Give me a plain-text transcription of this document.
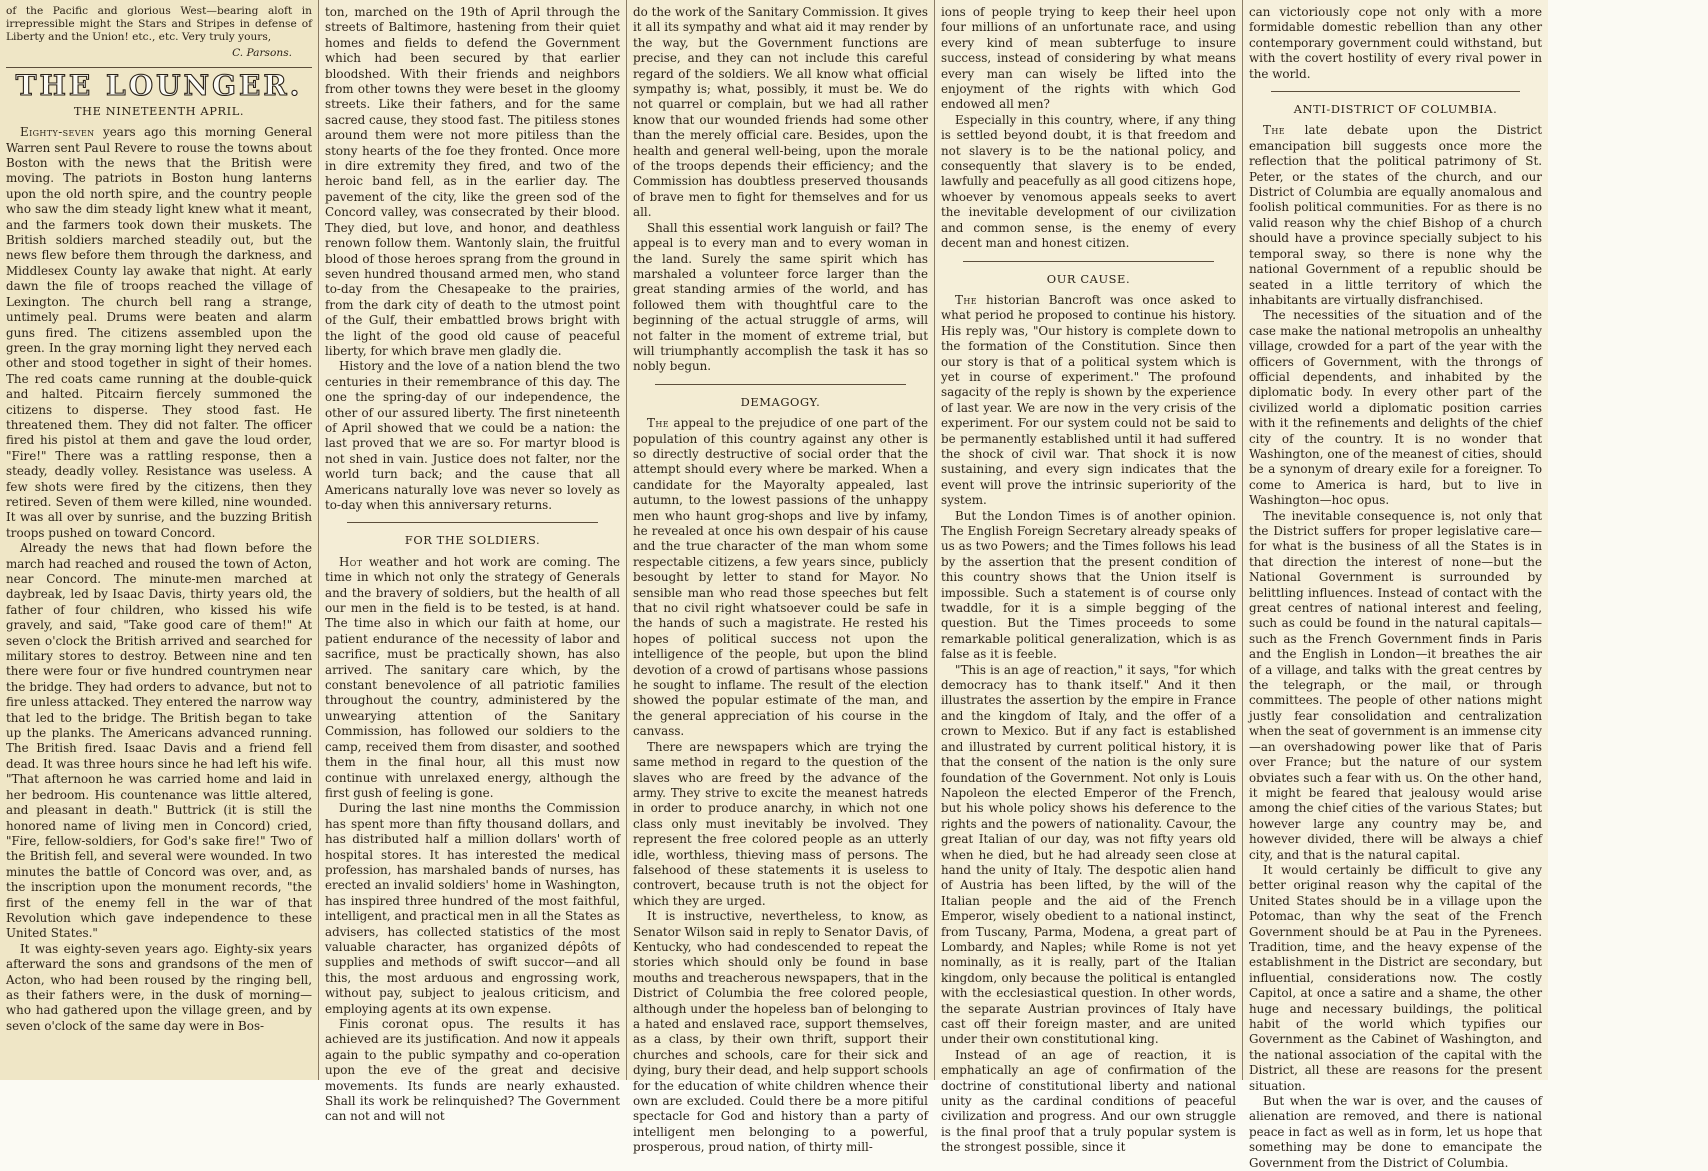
of the Pacific and glorious West—bearing aloft in irrepressible might the Stars and Stripes in defense of Liberty and the Union! etc., etc. Very truly yours,

C. Parsons.
THE LOUNGER.
THE NINETEENTH APRIL.

Eighty-seven years ago this morning General Warren sent Paul Revere to rouse the towns about Boston with the news that the British were moving. The patriots in Boston hung lanterns upon the old north spire, and the country people who saw the dim steady light knew what it meant, and the farmers took down their muskets. The British soldiers marched steadily out, but the news flew before them through the darkness, and Middlesex County lay awake that night. At early dawn the file of troops reached the village of Lexington. The church bell rang a strange, untimely peal. Drums were beaten and alarm guns fired. The citizens assembled upon the green. In the gray morning light they nerved each other and stood together in sight of their homes. The red coats came running at the double-quick and halted. Pitcairn fiercely summoned the citizens to disperse. They stood fast. He threatened them. They did not falter. The officer fired his pistol at them and gave the loud order, "Fire!" There was a rattling response, then a steady, deadly volley. Resistance was useless. A few shots were fired by the citizens, then they retired. Seven of them were killed, nine wounded. It was all over by sunrise, and the buzzing British troops pushed on toward Concord.

Already the news that had flown before the march had reached and roused the town of Acton, near Concord. The minute-men marched at daybreak, led by Isaac Davis, thirty years old, the father of four children, who kissed his wife gravely, and said, "Take good care of them!" At seven o'clock the British arrived and searched for military stores to destroy. Between nine and ten there were four or five hundred countrymen near the bridge. They had orders to advance, but not to fire unless attacked. They entered the narrow way that led to the bridge. The British began to take up the planks. The Americans advanced running. The British fired. Isaac Davis and a friend fell dead. It was three hours since he had left his wife. "That afternoon he was carried home and laid in her bedroom. His countenance was little altered, and pleasant in death." Buttrick (it is still the honored name of living men in Concord) cried, "Fire, fellow-soldiers, for God's sake fire!" Two of the British fell, and several were wounded. In two minutes the battle of Concord was over, and, as the inscription upon the monument records, "the first of the enemy fell in the war of that Revolution which gave independence to these United States."

It was eighty-seven years ago. Eighty-six years afterward the sons and grandsons of the men of Acton, who had been roused by the ringing bell, as their fathers were, in the dusk of morning—who had gathered upon the village green, and by seven o'clock of the same day were in Bos-

ton, marched on the 19th of April through the streets of Baltimore, hastening from their quiet homes and fields to defend the Government which had been secured by that earlier bloodshed. With their friends and neighbors from other towns they were beset in the gloomy streets. Like their fathers, and for the same sacred cause, they stood fast. The pitiless stones around them were not more pitiless than the stony hearts of the foe they fronted. Once more in dire extremity they fired, and two of the heroic band fell, as in the earlier day. The pavement of the city, like the green sod of the Concord valley, was consecrated by their blood. They died, but love, and honor, and deathless renown follow them. Wantonly slain, the fruitful blood of those heroes sprang from the ground in seven hundred thousand armed men, who stand to-day from the Chesapeake to the prairies, from the dark city of death to the utmost point of the Gulf, their embattled brows bright with the light of the good old cause of peaceful liberty, for which brave men gladly die.

History and the love of a nation blend the two centuries in their remembrance of this day. The one the spring-day of our independence, the other of our assured liberty. The first nineteenth of April showed that we could be a nation: the last proved that we are so. For martyr blood is not shed in vain. Justice does not falter, nor the world turn back; and the cause that all Americans naturally love was never so lovely as to-day when this anniversary returns.

FOR THE SOLDIERS.

Hot weather and hot work are coming. The time in which not only the strategy of Generals and the bravery of soldiers, but the health of all our men in the field is to be tested, is at hand. The time also in which our faith at home, our patient endurance of the necessity of labor and sacrifice, must be practically shown, has also arrived. The sanitary care which, by the constant benevolence of all patriotic families throughout the country, administered by the unwearying attention of the Sanitary Commission, has followed our soldiers to the camp, received them from disaster, and soothed them in the final hour, all this must now continue with unrelaxed energy, although the first gush of feeling is gone.

During the last nine months the Commission has spent more than fifty thousand dollars, and has distributed half a million dollars' worth of hospital stores. It has interested the medical profession, has marshaled bands of nurses, has erected an invalid soldiers' home in Washington, has inspired three hundred of the most faithful, intelligent, and practical men in all the States as advisers, has collected statistics of the most valuable character, has organized dépôts of supplies and methods of swift succor—and all this, the most arduous and engrossing work, without pay, subject to jealous criticism, and employing agents at its own expense.

Finis coronat opus. The results it has achieved are its justification. And now it appeals again to the public sympathy and co-operation upon the eve of the great and decisive movements. Its funds are nearly exhausted. Shall its work be relinquished? The Government can not and will not

do the work of the Sanitary Commission. It gives it all its sympathy and what aid it may render by the way, but the Government functions are precise, and they can not include this careful regard of the soldiers. We all know what official sympathy is; what, possibly, it must be. We do not quarrel or complain, but we had all rather know that our wounded friends had some other than the merely official care. Besides, upon the health and general well-being, upon the morale of the troops depends their efficiency; and the Commission has doubtless preserved thousands of brave men to fight for themselves and for us all.

Shall this essential work languish or fail? The appeal is to every man and to every woman in the land. Surely the same spirit which has marshaled a volunteer force larger than the great standing armies of the world, and has followed them with thoughtful care to the beginning of the actual struggle of arms, will not falter in the moment of extreme trial, but will triumphantly accomplish the task it has so nobly begun.

DEMAGOGY.

The appeal to the prejudice of one part of the population of this country against any other is so directly destructive of social order that the attempt should every where be marked. When a candidate for the Mayoralty appealed, last autumn, to the lowest passions of the unhappy men who haunt grog-shops and live by infamy, he revealed at once his own despair of his cause and the true character of the man whom some respectable citizens, a few years since, publicly besought by letter to stand for Mayor. No sensible man who read those speeches but felt that no civil right whatsoever could be safe in the hands of such a magistrate. He rested his hopes of political success not upon the intelligence of the people, but upon the blind devotion of a crowd of partisans whose passions he sought to inflame. The result of the election showed the popular estimate of the man, and the general appreciation of his course in the canvass.

There are newspapers which are trying the same method in regard to the question of the slaves who are freed by the advance of the army. They strive to excite the meanest hatreds in order to produce anarchy, in which not one class only must inevitably be involved. They represent the free colored people as an utterly idle, worthless, thieving mass of persons. The falsehood of these statements it is useless to controvert, because truth is not the object for which they are urged.

It is instructive, nevertheless, to know, as Senator Wilson said in reply to Senator Davis, of Kentucky, who had condescended to repeat the stories which should only be found in base mouths and treacherous newspapers, that in the District of Columbia the free colored people, although under the hopeless ban of belonging to a hated and enslaved race, support themselves, as a class, by their own thrift, support their churches and schools, care for their sick and dying, bury their dead, and help support schools for the education of white children whence their own are excluded. Could there be a more pitiful spectacle for God and history than a party of intelligent men belonging to a powerful, prosperous, proud nation, of thirty mill-

ions of people trying to keep their heel upon four millions of an unfortunate race, and using every kind of mean subterfuge to insure success, instead of considering by what means every man can wisely be lifted into the enjoyment of the rights with which God endowed all men?

Especially in this country, where, if any thing is settled beyond doubt, it is that freedom and not slavery is to be the national policy, and consequently that slavery is to be ended, lawfully and peacefully as all good citizens hope, whoever by venomous appeals seeks to avert the inevitable development of our civilization and common sense, is the enemy of every decent man and honest citizen.

OUR CAUSE.

The historian Bancroft was once asked to what period he proposed to continue his history. His reply was, "Our history is complete down to the formation of the Constitution. Since then our story is that of a political system which is yet in course of experiment." The profound sagacity of the reply is shown by the experience of last year. We are now in the very crisis of the experiment. For our system could not be said to be permanently established until it had suffered the shock of civil war. That shock it is now sustaining, and every sign indicates that the event will prove the intrinsic superiority of the system.

But the London Times is of another opinion. The English Foreign Secretary already speaks of us as two Powers; and the Times follows his lead by the assertion that the present condition of this country shows that the Union itself is impossible. Such a statement is of course only twaddle, for it is a simple begging of the question. But the Times proceeds to some remarkable political generalization, which is as false as it is feeble.

"This is an age of reaction," it says, "for which democracy has to thank itself." And it then illustrates the assertion by the empire in France and the kingdom of Italy, and the offer of a crown to Mexico. But if any fact is established and illustrated by current political history, it is that the consent of the nation is the only sure foundation of the Government. Not only is Louis Napoleon the elected Emperor of the French, but his whole policy shows his deference to the rights and the powers of nationality. Cavour, the great Italian of our day, was not fifty years old when he died, but he had already seen close at hand the unity of Italy. The despotic alien hand of Austria has been lifted, by the will of the Italian people and the aid of the French Emperor, wisely obedient to a national instinct, from Tuscany, Parma, Modena, a great part of Lombardy, and Naples; while Rome is not yet nominally, as it is really, part of the Italian kingdom, only because the political is entangled with the ecclesiastical question. In other words, the separate Austrian provinces of Italy have cast off their foreign master, and are united under their own constitutional king.

Instead of an age of reaction, it is emphatically an age of confirmation of the doctrine of constitutional liberty and national unity as the cardinal conditions of peaceful civilization and progress. And our own struggle is the final proof that a truly popular system is the strongest possible, since it

can victoriously cope not only with a more formidable domestic rebellion than any other contemporary government could withstand, but with the covert hostility of every rival power in the world.

ANTI-DISTRICT OF COLUMBIA.

The late debate upon the District emancipation bill suggests once more the reflection that the political patrimony of St. Peter, or the states of the church, and our District of Columbia are equally anomalous and foolish political communities. For as there is no valid reason why the chief Bishop of a church should have a province specially subject to his temporal sway, so there is none why the national Government of a republic should be seated in a little territory of which the inhabitants are virtually disfranchised.

The necessities of the situation and of the case make the national metropolis an unhealthy village, crowded for a part of the year with the officers of Government, with the throngs of official dependents, and inhabited by the diplomatic body. In every other part of the civilized world a diplomatic position carries with it the refinements and delights of the chief city of the country. It is no wonder that Washington, one of the meanest of cities, should be a synonym of dreary exile for a foreigner. To come to America is hard, but to live in Washington—hoc opus.

The inevitable consequence is, not only that the District suffers for proper legislative care—for what is the business of all the States is in that direction the interest of none—but the National Government is surrounded by belittling influences. Instead of contact with the great centres of national interest and feeling, such as could be found in the natural capitals—such as the French Government finds in Paris and the English in London—it breathes the air of a village, and talks with the great centres by the telegraph, or the mail, or through committees. The people of other nations might justly fear consolidation and centralization when the seat of government is an immense city—an overshadowing power like that of Paris over France; but the nature of our system obviates such a fear with us. On the other hand, it might be feared that jealousy would arise among the chief cities of the various States; but however large any country may be, and however divided, there will be always a chief city, and that is the natural capital.

It would certainly be difficult to give any better original reason why the capital of the United States should be in a village upon the Potomac, than why the seat of the French Government should be at Pau in the Pyrenees. Tradition, time, and the heavy expense of the establishment in the District are secondary, but influential, considerations now. The costly Capitol, at once a satire and a shame, the other huge and necessary buildings, the political habit of the world which typifies our Government as the Cabinet of Washington, and the national association of the capital with the District, all these are reasons for the present situation.

But when the war is over, and the causes of alienation are removed, and there is national peace in fact as well as in form, let us hope that something may be done to emancipate the Government from the District of Columbia.
